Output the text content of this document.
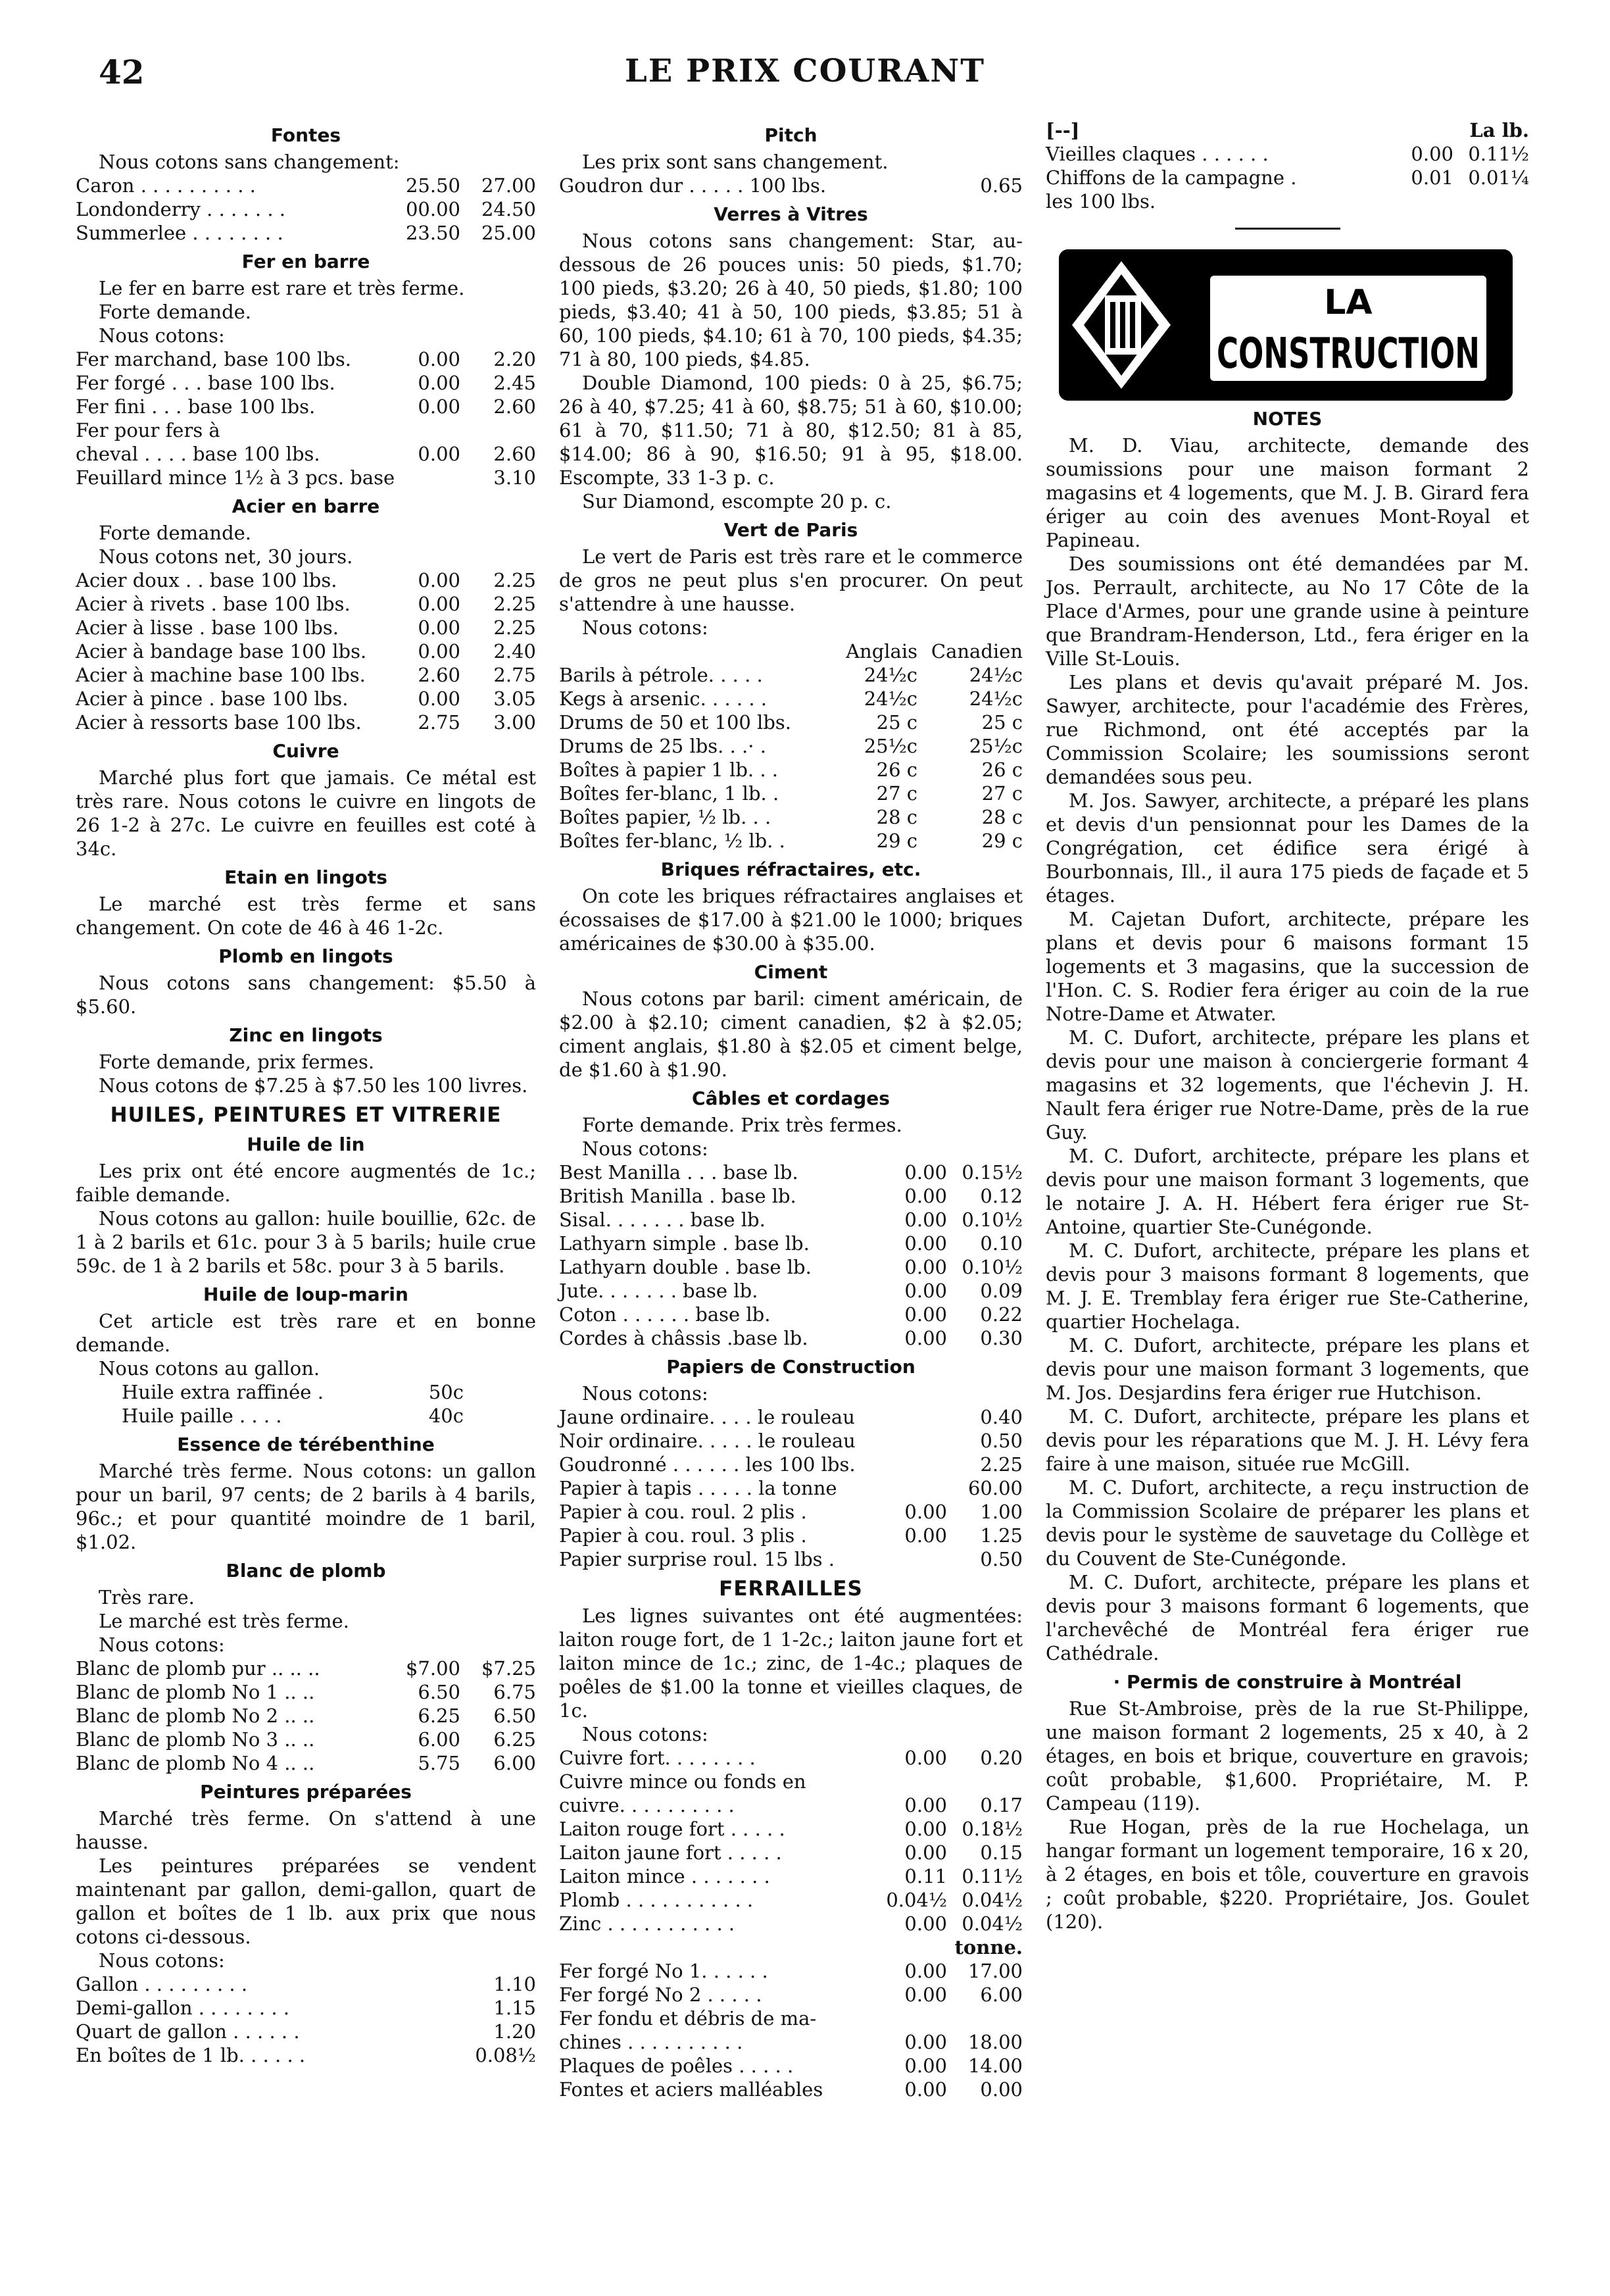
42	LE PRIX COURANT
Fontes

Nous cotons sans changement:

Caron . . . . . . . . . .	25.50	27.00
Londonderry . . . . . . .	00.00	24.50
Summerlee . . . . . . . .	23.50	25.00
Fer en barre

Le fer en barre est rare et très ferme.

Forte demande.

Nous cotons:

Fer marchand, base 100 lbs.	0.00	2.20
Fer forgé . . . base 100 lbs.	0.00	2.45
Fer fini . . . base 100 lbs.	0.00	2.60
Fer pour fers à
cheval . . . . base 100 lbs.	0.00	2.60
Feuillard mince 1½ à 3 pcs. base	3.10
Acier en barre

Forte demande.

Nous cotons net, 30 jours.

Acier doux . . base 100 lbs.	0.00	2.25
Acier à rivets . base 100 lbs.	0.00	2.25
Acier à lisse . base 100 lbs.	0.00	2.25
Acier à bandage base 100 lbs.	0.00	2.40
Acier à machine base 100 lbs.	2.60	2.75
Acier à pince . base 100 lbs.	0.00	3.05
Acier à ressorts base 100 lbs.	2.75	3.00
Cuivre

Marché plus fort que jamais. Ce métal est très rare. Nous cotons le cuivre en lingots de 26 1-2 à 27c. Le cuivre en feuilles est coté à 34c.

Etain en lingots

Le marché est très ferme et sans changement. On cote de 46 à 46 1-2c.

Plomb en lingots

Nous cotons sans changement: $5.50 à $5.60.

Zinc en lingots

Forte demande, prix fermes.

Nous cotons de $7.25 à $7.50 les 100 livres.

HUILES, PEINTURES ET VITRERIE
Huile de lin

Les prix ont été encore augmentés de 1c.; faible demande.

Nous cotons au gallon: huile bouillie, 62c. de 1 à 2 barils et 61c. pour 3 à 5 barils; huile crue 59c. de 1 à 2 barils et 58c. pour 3 à 5 barils.

Huile de loup-marin

Cet article est très rare et en bonne demande.

Nous cotons au gallon.

Huile extra raffinée .	50c
Huile paille . . . .	40c
Essence de térébenthine

Marché très ferme. Nous cotons: un gallon pour un baril, 97 cents; de 2 barils à 4 barils, 96c.; et pour quantité moindre de 1 baril, $1.02.

Blanc de plomb

Très rare.

Le marché est très ferme.

Nous cotons:

Blanc de plomb pur .. .. ..	$7.00	$7.25
Blanc de plomb No 1 .. ..	6.50	6.75
Blanc de plomb No 2 .. ..	6.25	6.50
Blanc de plomb No 3 .. ..	6.00	6.25
Blanc de plomb No 4 .. ..	5.75	6.00
Peintures préparées

Marché très ferme. On s'attend à une hausse.

Les peintures préparées se vendent maintenant par gallon, demi-gallon, quart de gallon et boîtes de 1 lb. aux prix que nous cotons ci-dessous.

Nous cotons:

Gallon . . . . . . . . .	1.10
Demi-gallon . . . . . . . .	1.15
Quart de gallon . . . . . .	1.20
En boîtes de 1 lb. . . . . .	0.08½
Pitch

Les prix sont sans changement.

Goudron dur . . . . . 100 lbs.	0.65
Verres à Vitres

Nous cotons sans changement: Star, au-dessous de 26 pouces unis: 50 pieds, $1.70; 100 pieds, $3.20; 26 à 40, 50 pieds, $1.80; 100 pieds, $3.40; 41 à 50, 100 pieds, $3.85; 51 à 60, 100 pieds, $4.10; 61 à 70, 100 pieds, $4.35; 71 à 80, 100 pieds, $4.85.

Double Diamond, 100 pieds: 0 à 25, $6.75; 26 à 40, $7.25; 41 à 60, $8.75; 51 à 60, $10.00; 61 à 70, $11.50; 71 à 80, $12.50; 81 à 85, $14.00; 86 à 90, $16.50; 91 à 95, $18.00. Escompte, 33 1-3 p. c.

Sur Diamond, escompte 20 p. c.

Vert de Paris

Le vert de Paris est très rare et le commerce de gros ne peut plus s'en procurer. On peut s'attendre à une hausse.

Nous cotons:

Anglais Canadien
Barils à pétrole. . . . .	24½c	24½c
Kegs à arsenic. . . . . .	24½c	24½c
Drums de 50 et 100 lbs.	25 c	25 c
Drums de 25 lbs. . .· .	25½c	25½c
Boîtes à papier 1 lb. . .	26 c	26 c
Boîtes fer-blanc, 1 lb. .	27 c	27 c
Boîtes papier, ½ lb. . .	28 c	28 c
Boîtes fer-blanc, ½ lb. .	29 c	29 c
Briques réfractaires, etc.

On cote les briques réfractaires anglaises et écossaises de $17.00 à $21.00 le 1000; briques américaines de $30.00 à $35.00.

Ciment

Nous cotons par baril: ciment américain, de $2.00 à $2.10; ciment canadien, $2 à $2.05; ciment anglais, $1.80 à $2.05 et ciment belge, de $1.60 à $1.90.

Câbles et cordages

Forte demande. Prix très fermes.

Nous cotons:

Best Manilla . . . base lb.	0.00 0.15½
British Manilla . base lb.	0.00	0.12
Sisal. . . . . . . base lb.	0.00 0.10½
Lathyarn simple . base lb.	0.00	0.10
Lathyarn double . base lb.	0.00 0.10½
Jute. . . . . . . base lb.	0.00	0.09
Coton . . . . . . base lb.	0.00	0.22
Cordes à châssis .base lb.	0.00	0.30
Papiers de Construction

Nous cotons:

Jaune ordinaire. . . . le rouleau	0.40
Noir ordinaire. . . . . le rouleau	0.50
Goudronné . . . . . . les 100 lbs.	2.25
Papier à tapis . . . . . la tonne	60.00
Papier à cou. roul. 2 plis .	0.00	1.00
Papier à cou. roul. 3 plis .	0.00	1.25
Papier surprise roul. 15 lbs .	0.50
FERRAILLES

Les lignes suivantes ont été augmentées: laiton rouge fort, de 1 1-2c.; laiton jaune fort et laiton mince de 1c.; zinc, de 1-4c.; plaques de poêles de $1.00 la tonne et vieilles claques, de 1c.

Nous cotons:

Cuivre fort. . . . . . . .	0.00	0.20
Cuivre mince ou fonds en
cuivre. . . . . . . . . .	0.00	0.17
Laiton rouge fort . . . . .	0.00 0.18½
Laiton jaune fort . . . . .	0.00	0.15
Laiton mince . . . . . . .	0.11 0.11½
Plomb . . . . . . . . . . .	0.04½ 0.04½
Zinc . . . . . . . . . . .	0.00 0.04½
tonne.
Fer forgé No 1. . . . . .	0.00	17.00
Fer forgé No 2 . . . . .	0.00	6.00
Fer fondu et débris de ma-
chines . . . . . . . . . .	0.00	18.00
Plaques de poêles . . . . .	0.00	14.00
Fontes et aciers malléables	0.00	0.00
[--]	La lb.
Vieilles claques . . . . . .	0.00 0.11½
Chiffons de la campagne .	0.01 0.01¼
les 100 lbs.
LA
CONSTRUCTION
NOTES

M. D. Viau, architecte, demande des soumissions pour une maison formant 2 magasins et 4 logements, que M. J. B. Girard fera ériger au coin des avenues Mont-Royal et Papineau.

Des soumissions ont été demandées par M. Jos. Perrault, architecte, au No 17 Côte de la Place d'Armes, pour une grande usine à peinture que Brandram-Henderson, Ltd., fera ériger en la Ville St-Louis.

Les plans et devis qu'avait préparé M. Jos. Sawyer, architecte, pour l'académie des Frères, rue Richmond, ont été acceptés par la Commission Scolaire; les soumissions seront demandées sous peu.

M. Jos. Sawyer, architecte, a préparé les plans et devis d'un pensionnat pour les Dames de la Congrégation, cet édifice sera érigé à Bourbonnais, Ill., il aura 175 pieds de façade et 5 étages.

M. Cajetan Dufort, architecte, prépare les plans et devis pour 6 maisons formant 15 logements et 3 magasins, que la succession de l'Hon. C. S. Rodier fera ériger au coin de la rue Notre-Dame et Atwater.

M. C. Dufort, architecte, prépare les plans et devis pour une maison à conciergerie formant 4 magasins et 32 logements, que l'échevin J. H. Nault fera ériger rue Notre-Dame, près de la rue Guy.

M. C. Dufort, architecte, prépare les plans et devis pour une maison formant 3 logements, que le notaire J. A. H. Hébert fera ériger rue St-Antoine, quartier Ste-Cunégonde.

M. C. Dufort, architecte, prépare les plans et devis pour 3 maisons formant 8 logements, que M. J. E. Tremblay fera ériger rue Ste-Catherine, quartier Hochelaga.

M. C. Dufort, architecte, prépare les plans et devis pour une maison formant 3 logements, que M. Jos. Desjardins fera ériger rue Hutchison.

M. C. Dufort, architecte, prépare les plans et devis pour les réparations que M. J. H. Lévy fera faire à une maison, située rue McGill.

M. C. Dufort, architecte, a reçu instruction de la Commission Scolaire de préparer les plans et devis pour le système de sauvetage du Collège et du Couvent de Ste-Cunégonde.

M. C. Dufort, architecte, prépare les plans et devis pour 3 maisons formant 6 logements, que l'archevêché de Montréal fera ériger rue Cathédrale.

· Permis de construire à Montréal

Rue St-Ambroise, près de la rue St-Philippe, une maison formant 2 logements, 25 x 40, à 2 étages, en bois et brique, couverture en gravois; coût probable, $1,600. Propriétaire, M. P. Campeau (119).

Rue Hogan, près de la rue Hochelaga, un hangar formant un logement temporaire, 16 x 20, à 2 étages, en bois et tôle, couverture en gravois ; coût probable, $220. Propriétaire, Jos. Goulet (120).
